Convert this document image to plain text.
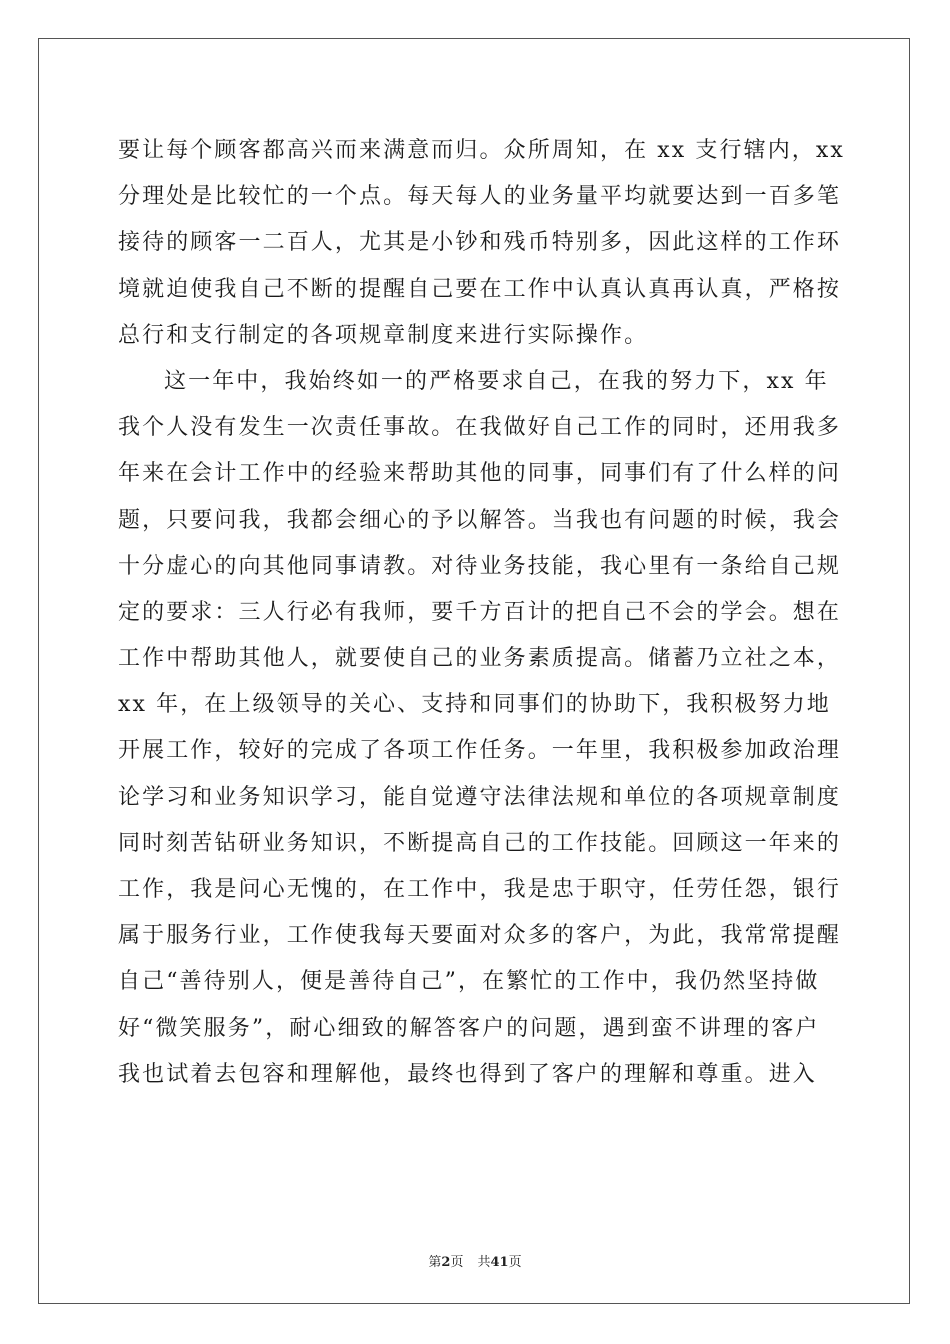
要让每个顾客都高兴而来满意而归。众所周知，在 xx 支行辖内，xx
分理处是比较忙的一个点。每天每人的业务量平均就要达到一百多笔
接待的顾客一二百人，尤其是小钞和残币特别多，因此这样的工作环
境就迫使我自己不断的提醒自己要在工作中认真认真再认真，严格按
总行和支行制定的各项规章制度来进行实际操作。
这一年中，我始终如一的严格要求自己，在我的努力下，xx 年
我个人没有发生一次责任事故。在我做好自己工作的同时，还用我多
年来在会计工作中的经验来帮助其他的同事，同事们有了什么样的问
题，只要问我，我都会细心的予以解答。当我也有问题的时候，我会
十分虚心的向其他同事请教。对待业务技能，我心里有一条给自己规
定的要求：三人行必有我师，要千方百计的把自己不会的学会。想在
工作中帮助其他人，就要使自己的业务素质提高。储蓄乃立社之本，
xx 年，在上级领导的关心、支持和同事们的协助下，我积极努力地
开展工作，较好的完成了各项工作任务。一年里，我积极参加政治理
论学习和业务知识学习，能自觉遵守法律法规和单位的各项规章制度
同时刻苦钻研业务知识，不断提高自己的工作技能。回顾这一年来的
工作，我是问心无愧的，在工作中，我是忠于职守，任劳任怨，银行
属于服务行业，工作使我每天要面对众多的客户，为此，我常常提醒
自己“善待别人，便是善待自己”，在繁忙的工作中，我仍然坚持做
好“微笑服务”，耐心细致的解答客户的问题，遇到蛮不讲理的客户
我也试着去包容和理解他，最终也得到了客户的理解和尊重。进入
第2页 共41页
